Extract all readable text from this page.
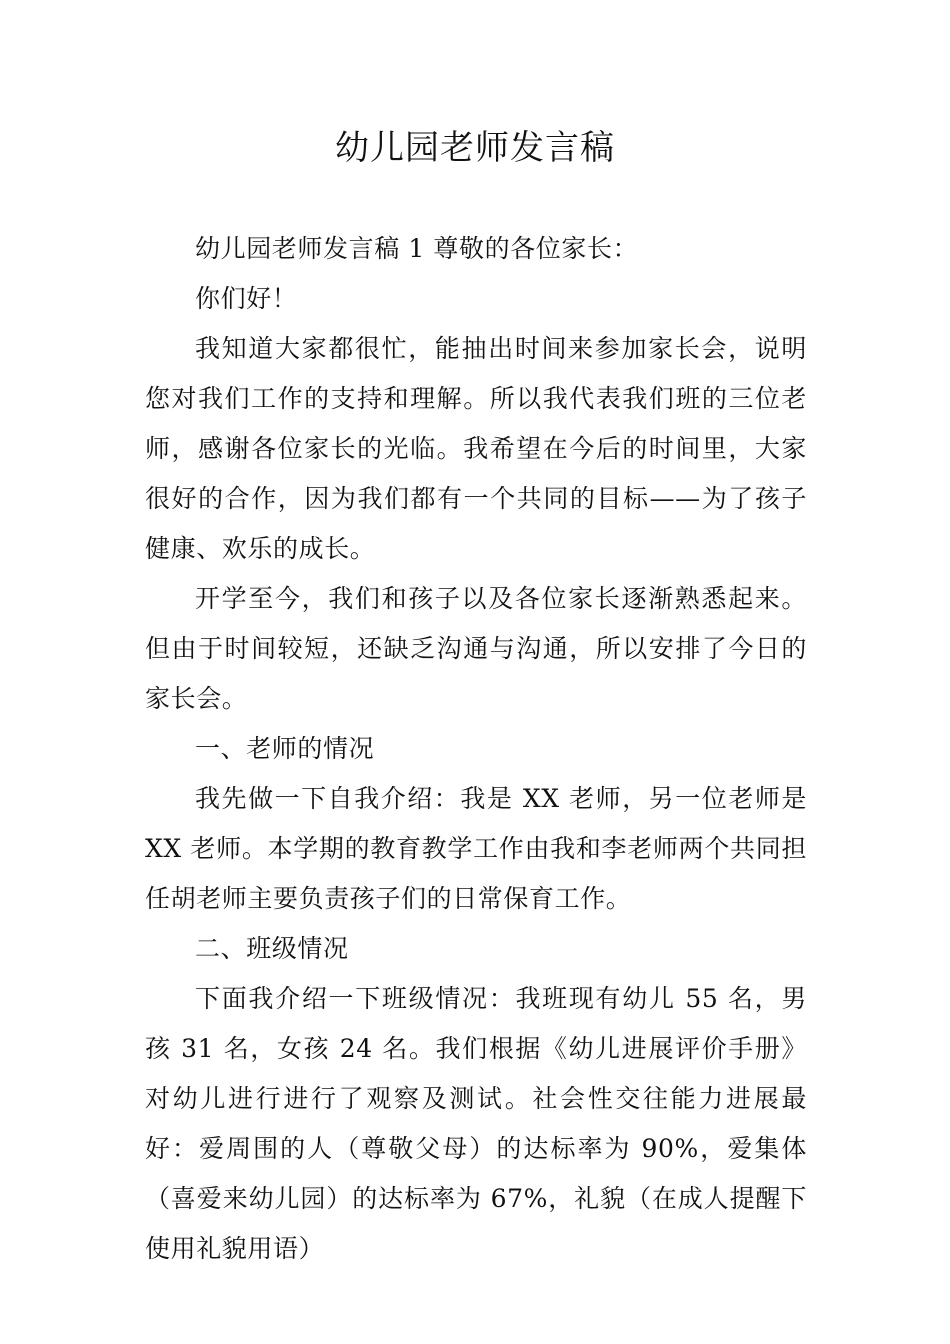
幼儿园老师发言稿

幼儿园老师发言稿 1 尊敬的各位家长：

你们好！

我知道大家都很忙，能抽出时间来参加家长会，说明您对我们工作的支持和理解。所以我代表我们班的三位老师，感谢各位家长的光临。我希望在今后的时间里，大家很好的合作，因为我们都有一个共同的目标——为了孩子健康、欢乐的成长。

开学至今，我们和孩子以及各位家长逐渐熟悉起来。但由于时间较短，还缺乏沟通与沟通，所以安排了今日的家长会。

一、老师的情况

我先做一下自我介绍：我是 XX 老师，另一位老师是 XX 老师。本学期的教育教学工作由我和李老师两个共同担任胡老师主要负责孩子们的日常保育工作。

二、班级情况

下面我介绍一下班级情况：我班现有幼儿 55 名，男孩 31 名，女孩 24 名。我们根据《幼儿进展评价手册》对幼儿进行进行了观察及测试。社会性交往能力进展最好：爱周围的人（尊敬父母）的达标率为 90%，爱集体（喜爱来幼儿园）的达标率为 67%，礼貌（在成人提醒下使用礼貌用语）
